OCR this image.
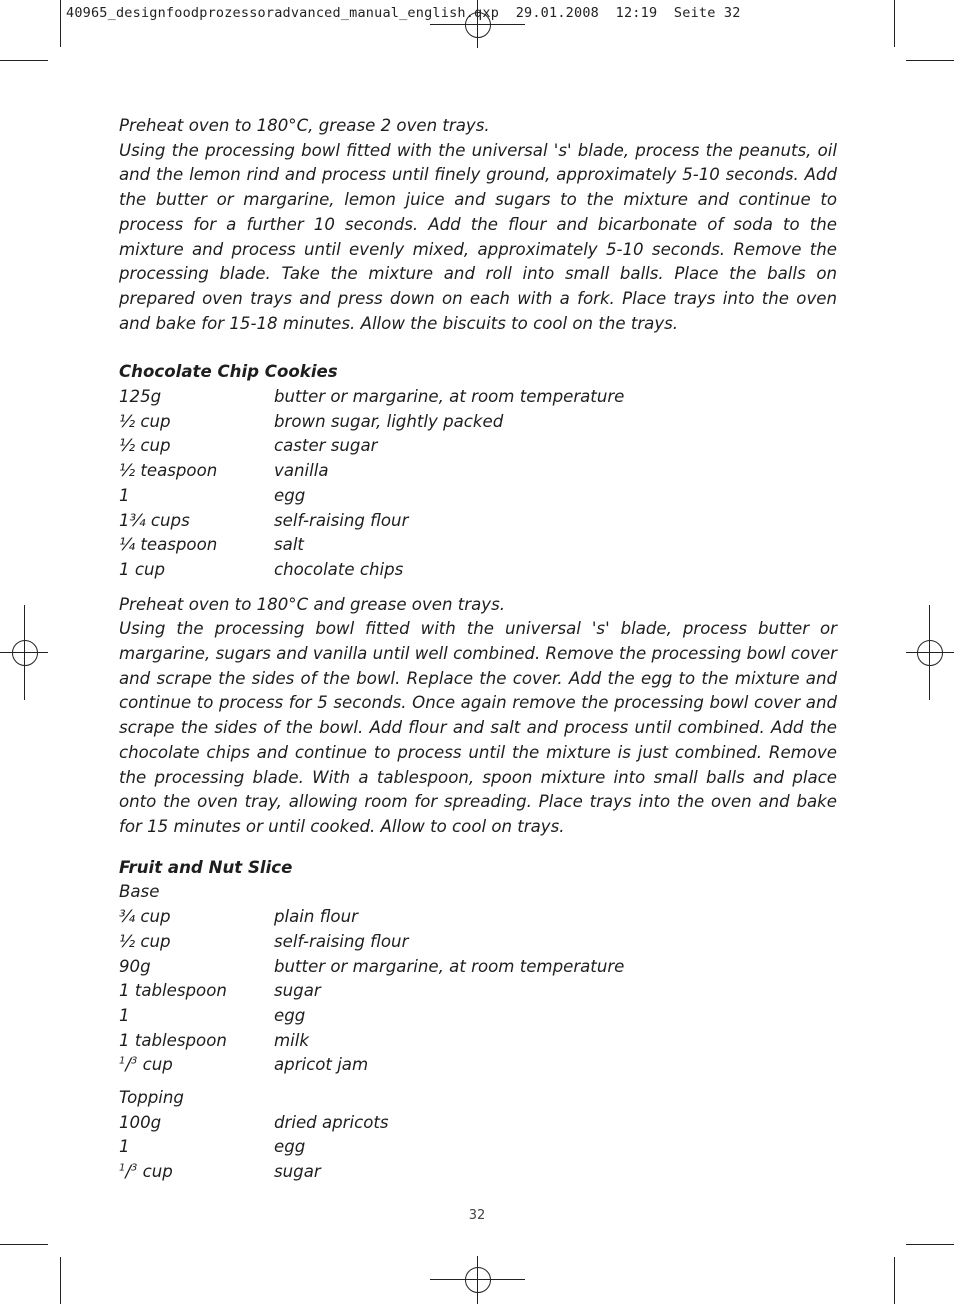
40965_designfoodprozessoradvanced_manual_english.qxp  29.01.2008  12:19  Seite 32

Preheat oven to 180°C, grease 2 oven trays.

Using the processing bowl fitted with the universal 's' blade, process the peanuts, oil and the lemon rind and process until finely ground, approximately 5-10 seconds. Add the butter or margarine, lemon juice and sugars to the mixture and continue to process for a further 10 seconds. Add the flour and bicarbonate of soda to the mixture and process until evenly mixed, approximately 5-10 seconds. Remove the processing blade. Take the mixture and roll into small balls. Place the balls on prepared oven trays and press down on each with a fork. Place trays into the oven and bake for 15-18 minutes. Allow the biscuits to cool on the trays.

Chocolate Chip Cookies

125g	butter or margarine, at room temperature
½ cup	brown sugar, lightly packed
½ cup	caster sugar
½ teaspoon	vanilla
1	egg
1¾ cups	self-raising flour
¼ teaspoon	salt
1 cup	chocolate chips

Preheat oven to 180°C and grease oven trays.

Using the processing bowl fitted with the universal 's' blade, process butter or margarine, sugars and vanilla until well combined. Remove the processing bowl cover and scrape the sides of the bowl. Replace the cover. Add the egg to the mixture and continue to process for 5 seconds. Once again remove the processing bowl cover and scrape the sides of the bowl. Add flour and salt and process until combined. Add the chocolate chips and continue to process until the mixture is just combined. Remove the processing blade. With a tablespoon, spoon mixture into small balls and place onto the oven tray, allowing room for spreading. Place trays into the oven and bake for 15 minutes or until cooked. Allow to cool on trays.

Fruit and Nut Slice

Base

¾ cup	plain flour
½ cup	self-raising flour
90g	butter or margarine, at room temperature
1 tablespoon	sugar
1	egg
1 tablespoon	milk
$^1$/$^3$ cup	apricot jam

Topping

100g	dried apricots
1	egg
$^1$/$^3$ cup	sugar
32
